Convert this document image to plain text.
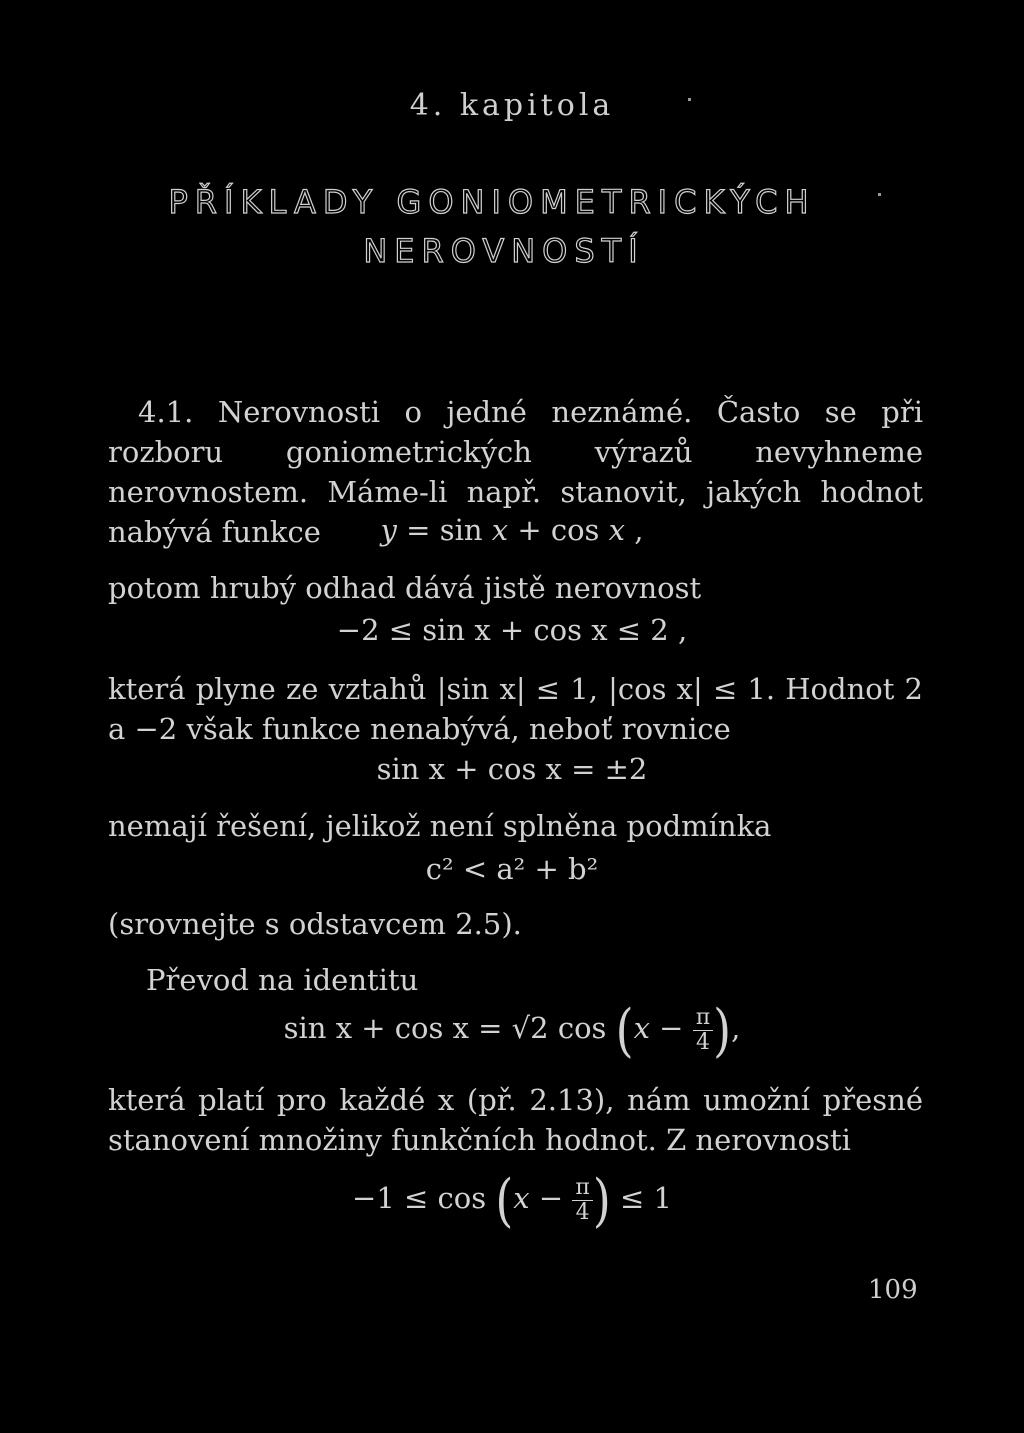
4. kapitola
PŘÍKLADY GONIOMETRICKÝCH
NEROVNOSTÍ
4.1. Nerovnosti o jedné neznámé. Často se při rozboru goniometrických výrazů nevyhneme nerovnostem. Máme-li např. stanovit, jakých hodnot nabývá funkce	y = sin x + cos x ,
potom hrubý odhad dává jistě nerovnost
−2 ≤ sin x + cos x ≤ 2 ,
která plyne ze vztahů |sin x| ≤ 1, |cos x| ≤ 1. Hodnot 2 a −2 však funkce nenabývá, neboť rovnice
sin x + cos x = ±2
nemají řešení, jelikož není splněna podmínka
c² < a² + b²
(srovnejte s odstavcem 2.5).
Převod na identitu
sin x + cos x = √2 $\cos (x - \frac{\pi}{4}$ ),
která platí pro každé x (př. 2.13), nám umožní přesné stanovení množiny funkčních hodnot. Z nerovnosti
$-1 \le \cos (x - \frac{\pi}{4}$ ) ≤ 1
109
